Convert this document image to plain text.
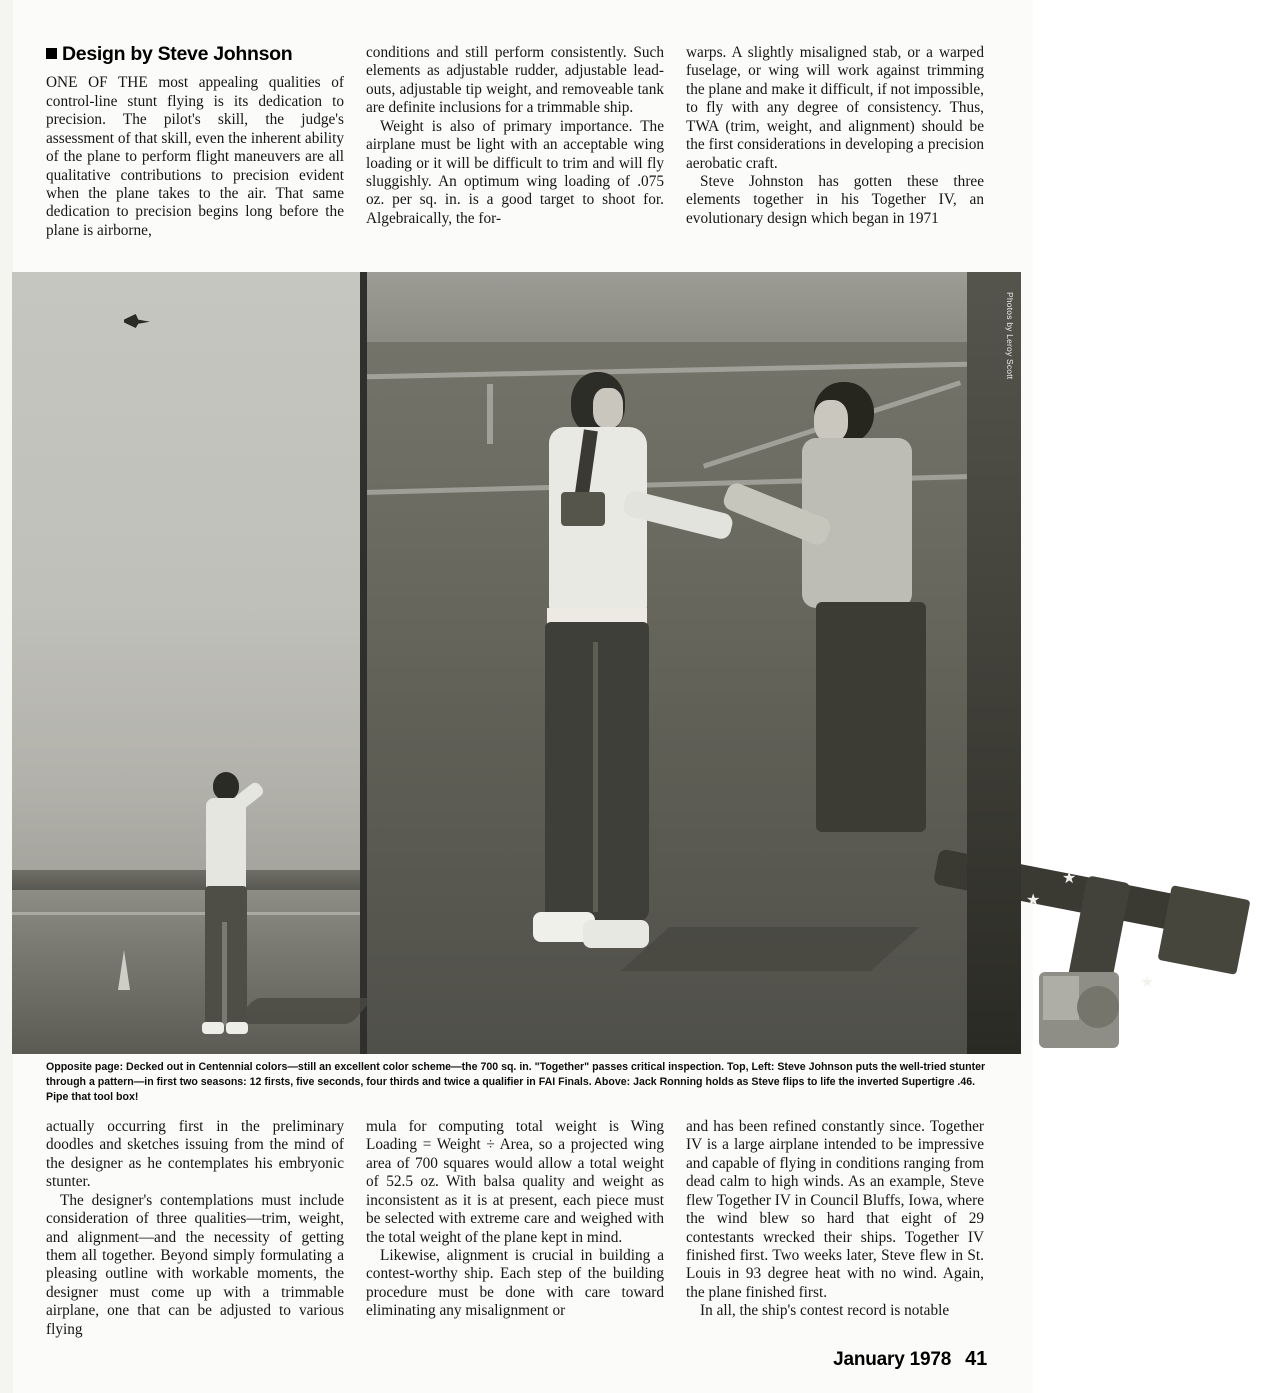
Design by Steve Johnson

ONE OF THE most appealing qualities of control-line stunt flying is its dedication to precision. The pilot's skill, the judge's assessment of that skill, even the inherent ability of the plane to perform flight maneuvers are all qualitative contributions to precision evident when the plane takes to the air. That same dedication to precision begins long before the plane is airborne,

conditions and still perform consistently. Such elements as adjustable rudder, adjustable lead-outs, adjustable tip weight, and removeable tank are definite inclusions for a trimmable ship.

Weight is also of primary importance. The airplane must be light with an acceptable wing loading or it will be difficult to trim and will fly sluggishly. An optimum wing loading of .075 oz. per sq. in. is a good target to shoot for. Algebraically, the for-

warps. A slightly misaligned stab, or a warped fuselage, or wing will work against trimming the plane and make it difficult, if not impossible, to fly with any degree of consistency. Thus, TWA (trim, weight, and alignment) should be the first considerations in developing a precision aerobatic craft.

Steve Johnston has gotten these three elements together in his Together IV, an evolutionary design which began in 1971

★
★
★
Photos by Leroy Scott
Opposite page: Decked out in Centennial colors—still an excellent color scheme—the 700 sq. in. "Together" passes critical inspection. Top, Left: Steve Johnson puts the well-tried stunter through a pattern—in first two seasons: 12 firsts, five seconds, four thirds and twice a qualifier in FAI Finals. Above: Jack Ronning holds as Steve flips to life the inverted Supertigre .46. Pipe that tool box!

actually occurring first in the preliminary doodles and sketches issuing from the mind of the designer as he contemplates his embryonic stunter.

The designer's contemplations must include consideration of three qualities—trim, weight, and alignment—and the necessity of getting them all together. Beyond simply formulating a pleasing outline with workable moments, the designer must come up with a trimmable airplane, one that can be adjusted to various flying

mula for computing total weight is Wing Loading = Weight ÷ Area, so a projected wing area of 700 squares would allow a total weight of 52.5 oz. With balsa quality and weight as inconsistent as it is at present, each piece must be selected with extreme care and weighed with the total weight of the plane kept in mind.

Likewise, alignment is crucial in building a contest-worthy ship. Each step of the building procedure must be done with care toward eliminating any misalignment or

and has been refined constantly since. Together IV is a large airplane intended to be impressive and capable of flying in conditions ranging from dead calm to high winds. As an example, Steve flew Together IV in Council Bluffs, Iowa, where the wind blew so hard that eight of 29 contestants wrecked their ships. Together IV finished first. Two weeks later, Steve flew in St. Louis in 93 degree heat with no wind. Again, the plane finished first.

In all, the ship's contest record is notable

January 1978 41
